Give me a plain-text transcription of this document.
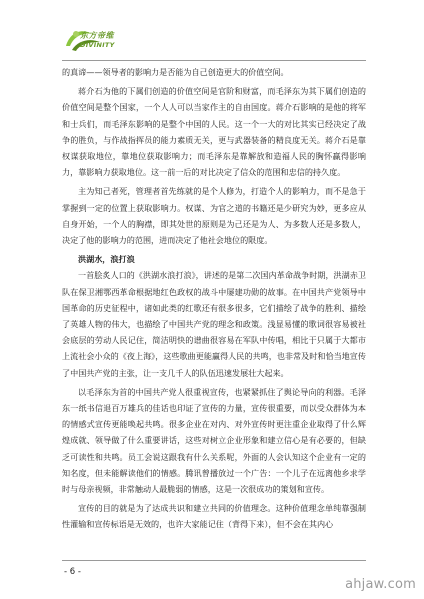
东方帝维
DIVINITY

的真谛——领导者的影响力是否能为自己创造更大的价值空间。

蒋介石为他的下属们创造的价值空间是官阶和财富，而毛泽东为其下属们创造的价值空间是整个国家，一个人人可以当家作主的自由国度。蒋介石影响的是他的将军和士兵们，而毛泽东影响的是整个中国的人民。这一个一大的对比其实已经决定了战争的胜负，与作战指挥员的能力素质无关，更与武器装备的精良度无关。蒋介石是靠权谋获取地位，靠地位获取影响力；而毛泽东是靠解放和造福人民的胸怀赢得影响力，靠影响力获取地位。这一前一后的对比决定了信众的范围和忠信的持久度。

主为知己者死，管理者首先练就的是个人修为，打造个人的影响力，而不是急于掌握到一定的位置上获取影响力。权谋、为官之道的书籍还是少研究为妙，更多应从自身开始，一个人的胸襟，即其处世的原则是为己还是为人、为多数人还是多数人，决定了他的影响力的范围，进而决定了他社会地位的限度。

洪湖水，浪打浪

一首脍炙人口的《洪湖水浪打浪》，讲述的是第二次国内革命战争时期，洪湖赤卫队在保卫湘鄂西革命根据地红色政权的战斗中屡建功勋的故事。在中国共产党领导中国革命的历史征程中，诸如此类的红歌还有很多很多，它们描绘了战争的胜利、描绘了英雄人物的伟大，也描绘了中国共产党的理念和政策。浅显易懂的歌词很容易被社会底层的劳动人民记住，简洁明快的谱曲很容易在军队中传唱，相比于只属于大都市上流社会小众的《夜上海》，这些歌曲更能赢得人民的共鸣，也非常及时和恰当地宣传了中国共产党的主张，让一支几千人的队伍迅速发展壮大起来。

以毛泽东为首的中国共产党人很重视宣传，也紧紧抓住了舆论导向的利器。毛泽东一纸书信退百万雄兵的佳话也印证了宣传的力量，宣传很重要，而以受众群体为本的情感式宣传更能唤起共鸣。很多企业在对内、对外宣传时更注重企业取得了什么辉煌成就、领导做了什么重要讲话，这些对树立企业形象和建立信心是有必要的，但缺乏可读性和共鸣。员工会说这跟我有什么关系呢，外面的人会认知这个企业有一定的知名度，但未能解读他们的情感。腾讯曾播放过一个广告：一个儿子在远离他乡求学时与母亲视频，非常触动人最脆弱的情感，这是一次很成功的策划和宣传。

宣传的目的就是为了达成共识和建立共同的价值理念。这种价值理念单纯靠强制性灌输和宣传标语是无效的，也许大家能记住（背得下来），但不会在其内心

- 6 -
ahjaw.com
